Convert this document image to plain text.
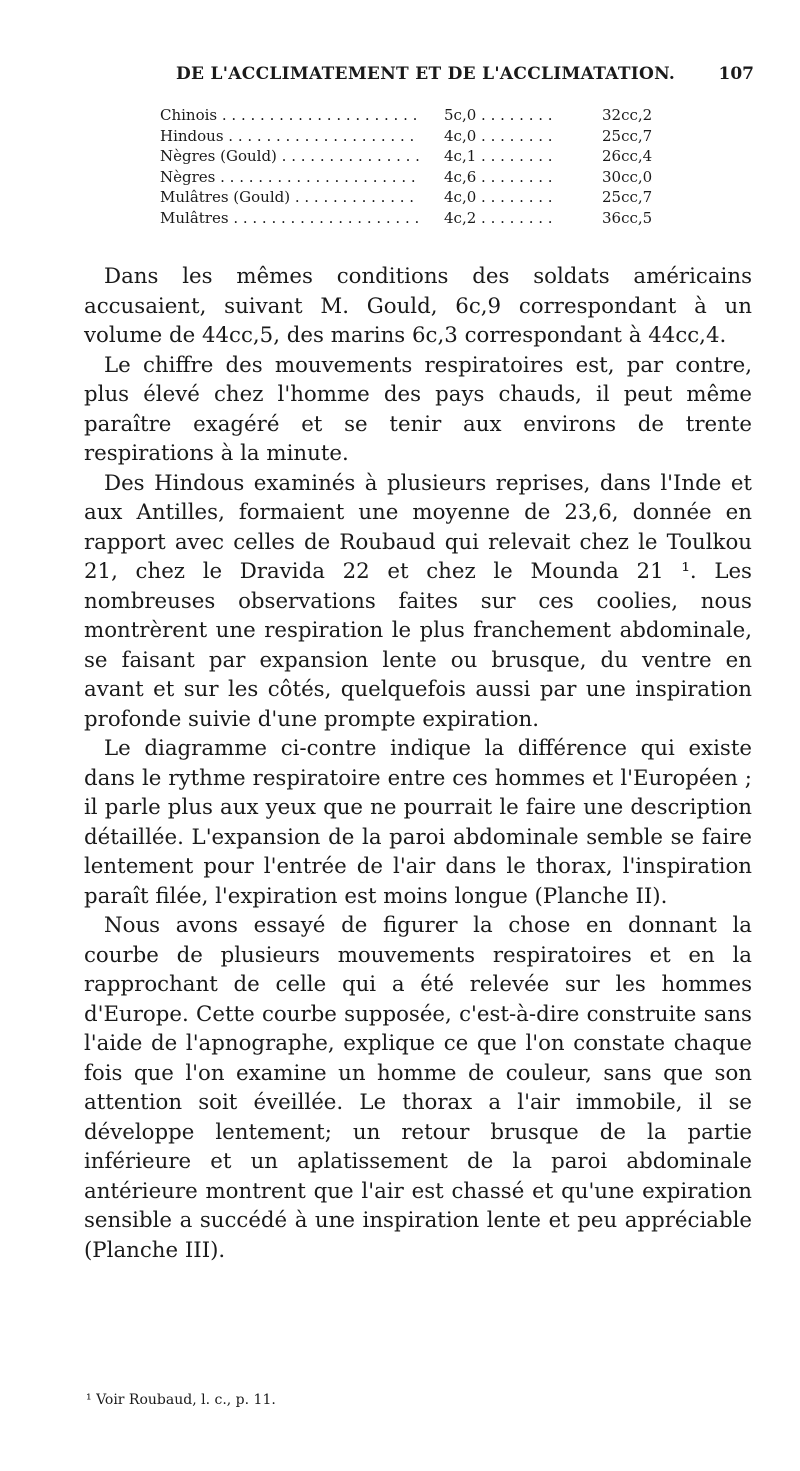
DE L'ACCLIMATEMENT ET DE L'ACCLIMATATION.	107
Chinois . . .	5c,0 . . .	32cc,2
Hindous . . .	4c,0 . . .	25cc,7
Nègres (Gould) . . .	4c,1 . . .	26cc,4
Nègres . . .	4c,6 . . .	30cc,0
Mulâtres (Gould) . . .	4c,0 . . .	25cc,7
Mulâtres . . .	4c,2 . . .	36cc,5

Dans les mêmes conditions des soldats américains accusaient, suivant M. Gould, 6c,9 correspondant à un volume de 44cc,5, des marins 6c,3 correspondant à 44cc,4.

Le chiffre des mouvements respiratoires est, par contre, plus élevé chez l'homme des pays chauds, il peut même paraître exagéré et se tenir aux environs de trente respirations à la minute.

Des Hindous examinés à plusieurs reprises, dans l'Inde et aux Antilles, formaient une moyenne de 23,6, donnée en rapport avec celles de Roubaud qui relevait chez le Toulkou 21, chez le Dravida 22 et chez le Mounda 21 ¹. Les nombreuses observations faites sur ces coolies, nous montrèrent une respiration le plus franchement abdominale, se faisant par expansion lente ou brusque, du ventre en avant et sur les côtés, quelquefois aussi par une inspiration profonde suivie d'une prompte expiration.

Le diagramme ci-contre indique la différence qui existe dans le rythme respiratoire entre ces hommes et l'Européen ; il parle plus aux yeux que ne pourrait le faire une description détaillée. L'expansion de la paroi abdominale semble se faire lentement pour l'entrée de l'air dans le thorax, l'inspiration paraît filée, l'expiration est moins longue (Planche II).

Nous avons essayé de figurer la chose en donnant la courbe de plusieurs mouvements respiratoires et en la rapprochant de celle qui a été relevée sur les hommes d'Europe. Cette courbe supposée, c'est-à-dire construite sans l'aide de l'apnographe, explique ce que l'on constate chaque fois que l'on examine un homme de couleur, sans que son attention soit éveillée. Le thorax a l'air immobile, il se développe lentement; un retour brusque de la partie inférieure et un aplatissement de la paroi abdominale antérieure montrent que l'air est chassé et qu'une expiration sensible a succédé à une inspiration lente et peu appréciable (Planche III).

¹ Voir Roubaud, l. c., p. 11.
